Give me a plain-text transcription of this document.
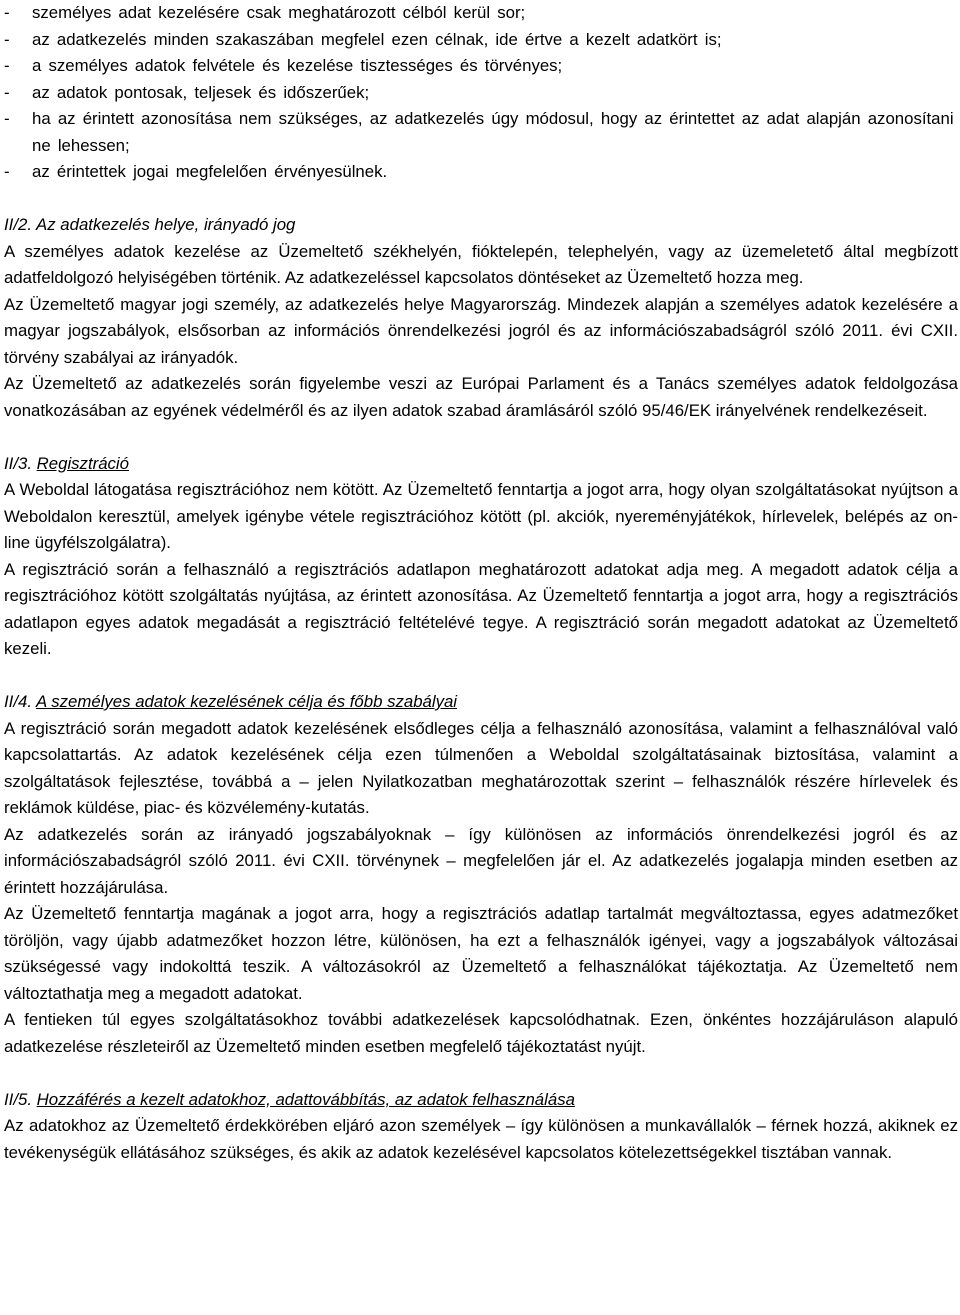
- személyes adat kezelésére csak meghatározott célból kerül sor;
- az adatkezelés minden szakaszában megfelel ezen célnak, ide értve a kezelt adatkört is;
- a személyes adatok felvétele és kezelése tisztességes és törvényes;
- az adatok pontosak, teljesek és időszerűek;
- ha az érintett azonosítása nem szükséges, az adatkezelés úgy módosul, hogy az érintettet az adat alapján azonosítani ne lehessen;
- az érintettek jogai megfelelően érvényesülnek.

II/2. Az adatkezelés helye, irányadó jog

A személyes adatok kezelése az Üzemeltető székhelyén, fióktelepén, telephelyén, vagy az üzemeletető által megbízott adatfeldolgozó helyiségében történik. Az adatkezeléssel kapcsolatos döntéseket az Üzemeltető hozza meg.

Az Üzemeltető magyar jogi személy, az adatkezelés helye Magyarország. Mindezek alapján a személyes adatok kezelésére a magyar jogszabályok, elsősorban az információs önrendelkezési jogról és az információszabadságról szóló 2011. évi CXII. törvény szabályai az irányadók.

Az Üzemeltető az adatkezelés során figyelembe veszi az Európai Parlament és a Tanács személyes adatok feldolgozása vonatkozásában az egyének védelméről és az ilyen adatok szabad áramlásáról szóló 95/46/EK irányelvének rendelkezéseit.

II/3. Regisztráció

A Weboldal látogatása regisztrációhoz nem kötött. Az Üzemeltető fenntartja a jogot arra, hogy olyan szolgáltatásokat nyújtson a Weboldalon keresztül, amelyek igénybe vétele regisztrációhoz kötött (pl. akciók, nyereményjátékok, hírlevelek, belépés az on-line ügyfélszolgálatra).

A regisztráció során a felhasználó a regisztrációs adatlapon meghatározott adatokat adja meg. A megadott adatok célja a regisztrációhoz kötött szolgáltatás nyújtása, az érintett azonosítása. Az Üzemeltető fenntartja a jogot arra, hogy a regisztrációs adatlapon egyes adatok megadását a regisztráció feltételévé tegye. A regisztráció során megadott adatokat az Üzemeltető kezeli.

II/4. A személyes adatok kezelésének célja és főbb szabályai

A regisztráció során megadott adatok kezelésének elsődleges célja a felhasználó azonosítása, valamint a felhasználóval való kapcsolattartás. Az adatok kezelésének célja ezen túlmenően a Weboldal szolgáltatásainak biztosítása, valamint a szolgáltatások fejlesztése, továbbá a – jelen Nyilatkozatban meghatározottak szerint – felhasználók részére hírlevelek és reklámok küldése, piac- és közvélemény-kutatás.

Az adatkezelés során az irányadó jogszabályoknak – így különösen az információs önrendelkezési jogról és az információszabadságról szóló 2011. évi CXII. törvénynek – megfelelően jár el. Az adatkezelés jogalapja minden esetben az érintett hozzájárulása.

Az Üzemeltető fenntartja magának a jogot arra, hogy a regisztrációs adatlap tartalmát megváltoztassa, egyes adatmezőket töröljön, vagy újabb adatmezőket hozzon létre, különösen, ha ezt a felhasználók igényei, vagy a jogszabályok változásai szükségessé vagy indokolttá teszik. A változásokról az Üzemeltető a felhasználókat tájékoztatja. Az Üzemeltető nem változtathatja meg a megadott adatokat.

A fentieken túl egyes szolgáltatásokhoz további adatkezelések kapcsolódhatnak. Ezen, önkéntes hozzájáruláson alapuló adatkezelése részleteiről az Üzemeltető minden esetben megfelelő tájékoztatást nyújt.

II/5. Hozzáférés a kezelt adatokhoz, adattovábbítás, az adatok felhasználása

Az adatokhoz az Üzemeltető érdekkörében eljáró azon személyek – így különösen a munkavállalók – férnek hozzá, akiknek ez tevékenységük ellátásához szükséges, és akik az adatok kezelésével kapcsolatos kötelezettségekkel tisztában vannak.
